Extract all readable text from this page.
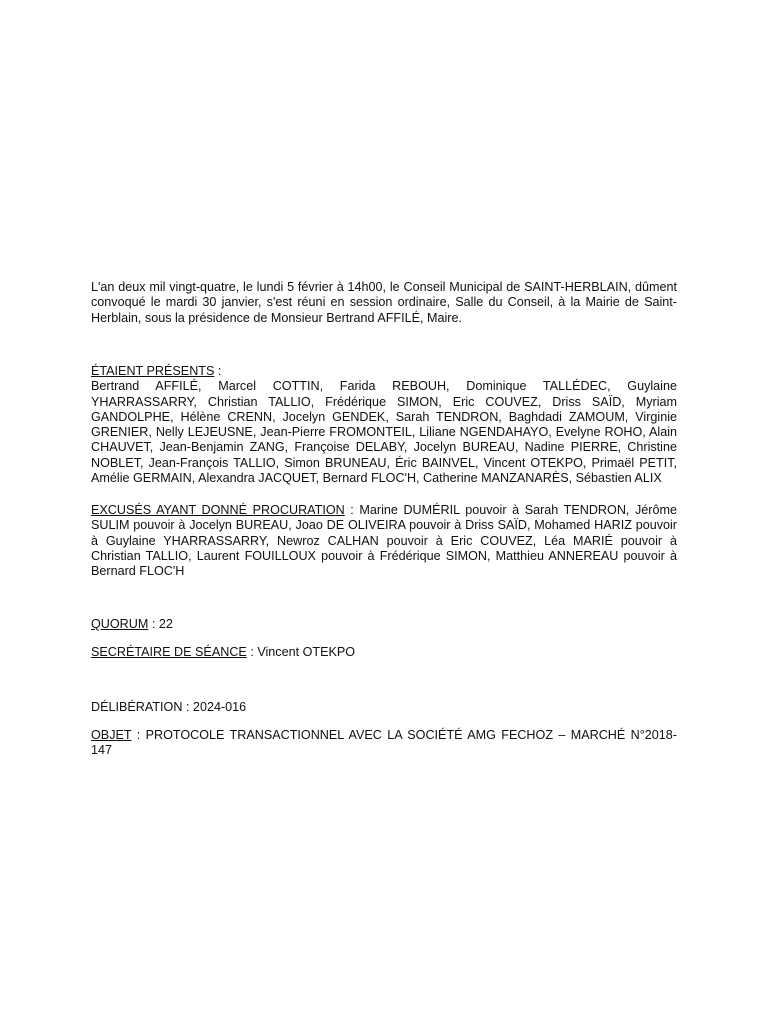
L'an deux mil vingt-quatre, le lundi 5 février à 14h00, le Conseil Municipal de SAINT-HERBLAIN, dûment convoqué le mardi 30 janvier, s'est réuni en session ordinaire, Salle du Conseil, à la Mairie de Saint-Herblain, sous la présidence de Monsieur Bertrand AFFILÉ, Maire.

ÉTAIENT PRÉSENTS :
Bertrand AFFILÉ, Marcel COTTIN, Farida REBOUH, Dominique TALLÉDEC, Guylaine YHARRASSARRY, Christian TALLIO, Frédérique SIMON, Eric COUVEZ, Driss SAÏD, Myriam GANDOLPHE, Hélène CRENN, Jocelyn GENDEK, Sarah TENDRON, Baghdadi ZAMOUM, Virginie GRENIER, Nelly LEJEUSNE, Jean-Pierre FROMONTEIL, Liliane NGENDAHAYO, Evelyne ROHO, Alain CHAUVET, Jean-Benjamin ZANG, Françoise DELABY, Jocelyn BUREAU, Nadine PIERRE, Christine NOBLET, Jean-François TALLIO, Simon BRUNEAU, Éric BAINVEL, Vincent OTEKPO, Primaël PETIT, Amélie GERMAIN, Alexandra JACQUET, Bernard FLOC'H, Catherine MANZANARÈS, Sébastien ALIX
EXCUSÉS AYANT DONNÉ PROCURATION : Marine DUMÉRIL pouvoir à Sarah TENDRON, Jérôme SULIM pouvoir à Jocelyn BUREAU, Joao DE OLIVEIRA pouvoir à Driss SAÏD, Mohamed HARIZ pouvoir à Guylaine YHARRASSARRY, Newroz CALHAN pouvoir à Eric COUVEZ, Léa MARIÉ pouvoir à Christian TALLIO, Laurent FOUILLOUX pouvoir à Frédérique SIMON, Matthieu ANNEREAU pouvoir à Bernard FLOC'H
QUORUM : 22
SECRÉTAIRE DE SÉANCE : Vincent OTEKPO
DÉLIBÉRATION : 2024-016
OBJET : PROTOCOLE TRANSACTIONNEL AVEC LA SOCIÉTÉ AMG FECHOZ – MARCHÉ N°2018-147
